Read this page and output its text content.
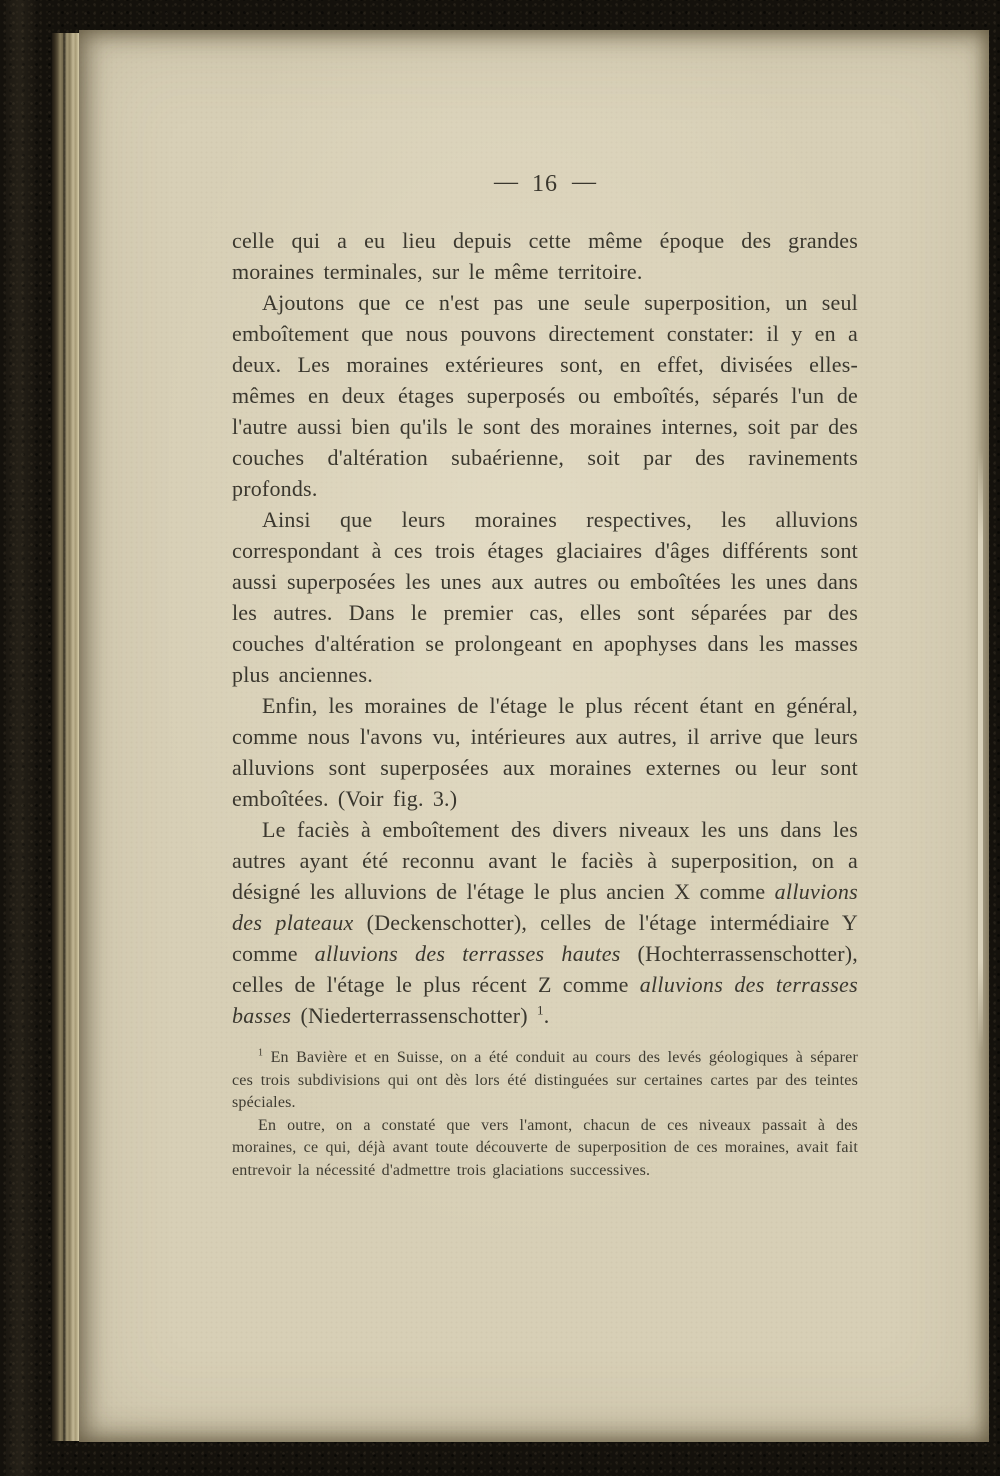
— 16 —

celle qui a eu lieu depuis cette même époque des grandes moraines terminales, sur le même territoire.

Ajoutons que ce n'est pas une seule superposition, un seul emboîtement que nous pouvons directement constater: il y en a deux. Les moraines extérieures sont, en effet, divisées elles-mêmes en deux étages superposés ou emboîtés, séparés l'un de l'autre aussi bien qu'ils le sont des moraines internes, soit par des couches d'altération subaérienne, soit par des ravinements profonds.

Ainsi que leurs moraines respectives, les alluvions correspondant à ces trois étages glaciaires d'âges différents sont aussi superposées les unes aux autres ou emboîtées les unes dans les autres. Dans le premier cas, elles sont séparées par des couches d'altération se prolongeant en apophyses dans les masses plus anciennes.

Enfin, les moraines de l'étage le plus récent étant en général, comme nous l'avons vu, intérieures aux autres, il arrive que leurs alluvions sont superposées aux moraines externes ou leur sont emboîtées. (Voir fig. 3.)

Le faciès à emboîtement des divers niveaux les uns dans les autres ayant été reconnu avant le faciès à superposition, on a désigné les alluvions de l'étage le plus ancien X comme alluvions des plateaux (Deckenschotter), celles de l'étage intermédiaire Y comme alluvions des terrasses hautes (Hochterrassenschotter), celles de l'étage le plus récent Z comme alluvions des terrasses basses (Niederterrassenschotter) $^1$.

$^1$ En Bavière et en Suisse, on a été conduit au cours des levés géologiques à séparer ces trois subdivisions qui ont dès lors été distinguées sur certaines cartes par des teintes spéciales.

En outre, on a constaté que vers l'amont, chacun de ces niveaux passait à des moraines, ce qui, déjà avant toute découverte de superposition de ces moraines, avait fait entrevoir la nécessité d'admettre trois glaciations successives.
